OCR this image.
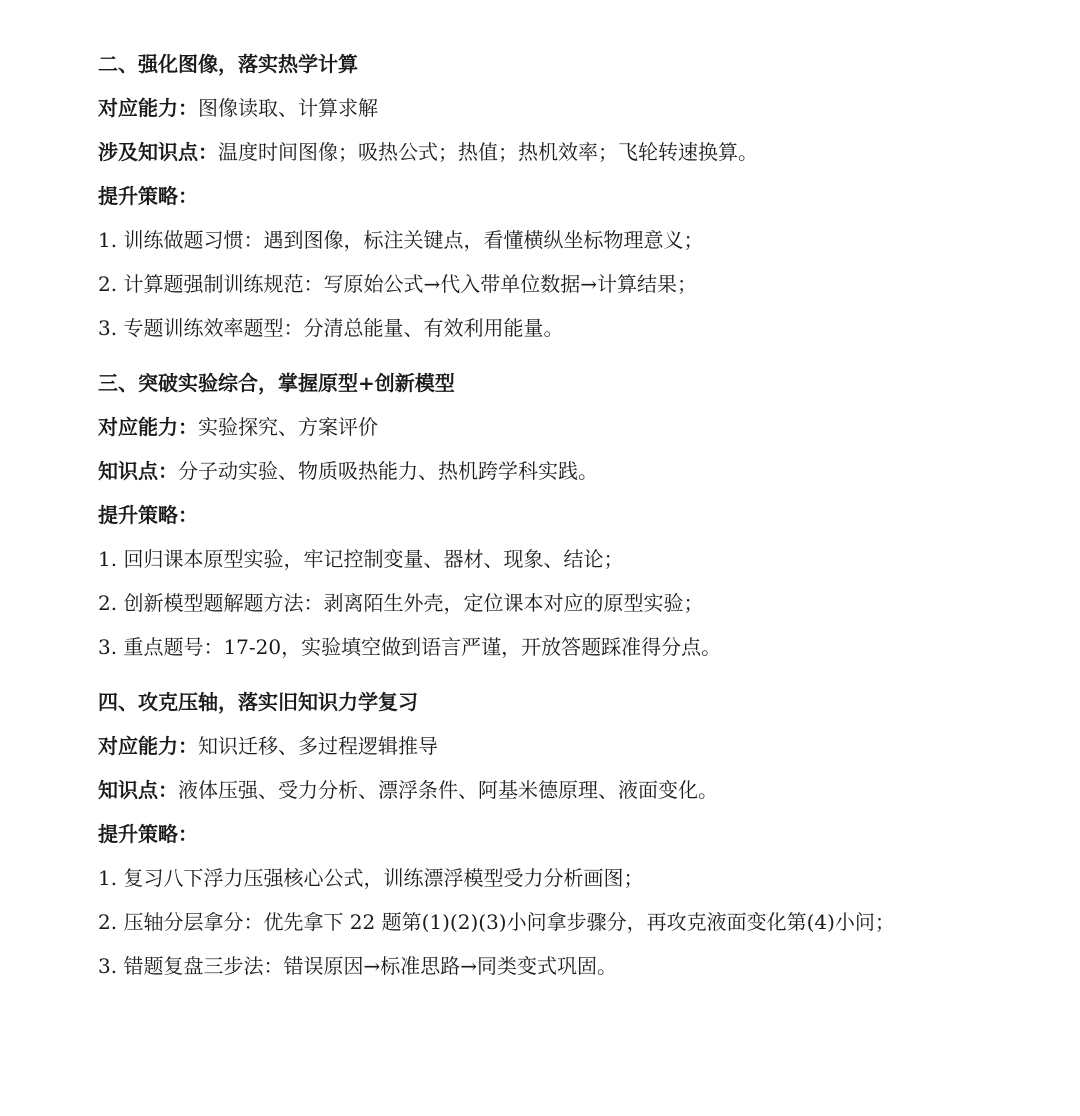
二、强化图像，落实热学计算
对应能力：图像读取、计算求解
涉及知识点：温度时间图像；吸热公式；热值；热机效率；飞轮转速换算。
提升策略：
1. 训练做题习惯：遇到图像，标注关键点，看懂横纵坐标物理意义；
2. 计算题强制训练规范：写原始公式→代入带单位数据→计算结果；
3. 专题训练效率题型：分清总能量、有效利用能量。
三、突破实验综合，掌握原型+创新模型
对应能力：实验探究、方案评价
知识点：分子动实验、物质吸热能力、热机跨学科实践。
提升策略：
1. 回归课本原型实验，牢记控制变量、器材、现象、结论；
2. 创新模型题解题方法：剥离陌生外壳，定位课本对应的原型实验；
3. 重点题号：17-20，实验填空做到语言严谨，开放答题踩准得分点。
四、攻克压轴，落实旧知识力学复习
对应能力：知识迁移、多过程逻辑推导
知识点：液体压强、受力分析、漂浮条件、阿基米德原理、液面变化。
提升策略：
1. 复习八下浮力压强核心公式，训练漂浮模型受力分析画图；
2. 压轴分层拿分：优先拿下 22 题第(1)(2)(3)小问拿步骤分，再攻克液面变化第(4)小问；
3. 错题复盘三步法：错误原因→标准思路→同类变式巩固。
